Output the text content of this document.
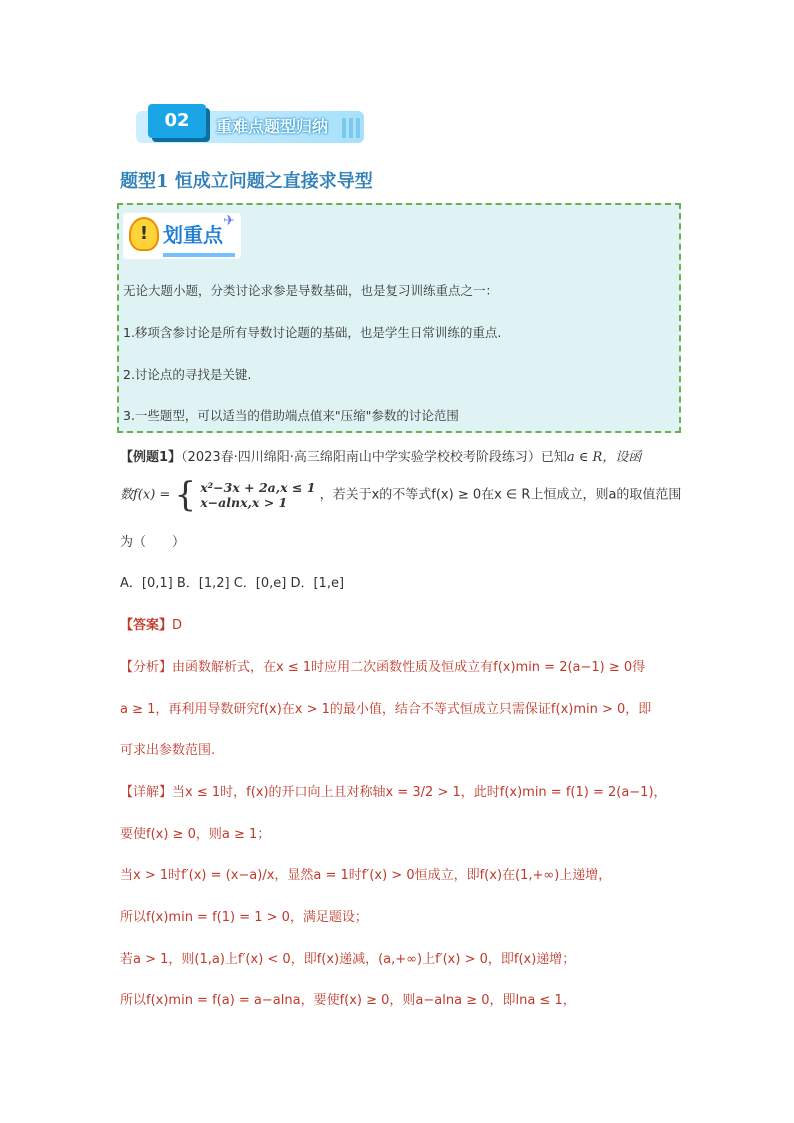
02	重难点题型归纳
题型1 恒成立问题之直接求导型
! 划重点
✈
无论大题小题，分类讨论求参是导数基础，也是复习训练重点之一：
1.移项含参讨论是所有导数讨论题的基础，也是学生日常训练的重点.
2.讨论点的寻找是关键.
3.一些题型，可以适当的借助端点值来"压缩"参数的讨论范围
【例题1】（2023春·四川绵阳·高三绵阳南山中学实验学校校考阶段练习）已知a ∈ R，设函
数f(x) = { x²−3x + 2a,x ≤ 1
x−alnx,x > 1 ，若关于x的不等式f(x) ≥ 0在x ∈ R上恒成立，则a的取值范围
为（　　）
A．[0,1] B．[1,2] C．[0,e] D．[1,e]
【答案】D
【分析】由函数解析式，在x ≤ 1时应用二次函数性质及恒成立有f(x)min = 2(a−1) ≥ 0得
a ≥ 1，再利用导数研究f(x)在x > 1的最小值，结合不等式恒成立只需保证f(x)min > 0，即
可求出参数范围.
【详解】当x ≤ 1时，f(x)的开口向上且对称轴x = 3/2 > 1，此时f(x)min = f(1) = 2(a−1)，
要使f(x) ≥ 0，则a ≥ 1；
当x > 1时f′(x) = (x−a)/x，显然a = 1时f′(x) > 0恒成立，即f(x)在(1,+∞)上递增，
所以f(x)min = f(1) = 1 > 0，满足题设；
若a > 1，则(1,a)上f′(x) < 0，即f(x)递减，(a,+∞)上f′(x) > 0，即f(x)递增；
所以f(x)min = f(a) = a−alna，要使f(x) ≥ 0，则a−alna ≥ 0，即lna ≤ 1，
